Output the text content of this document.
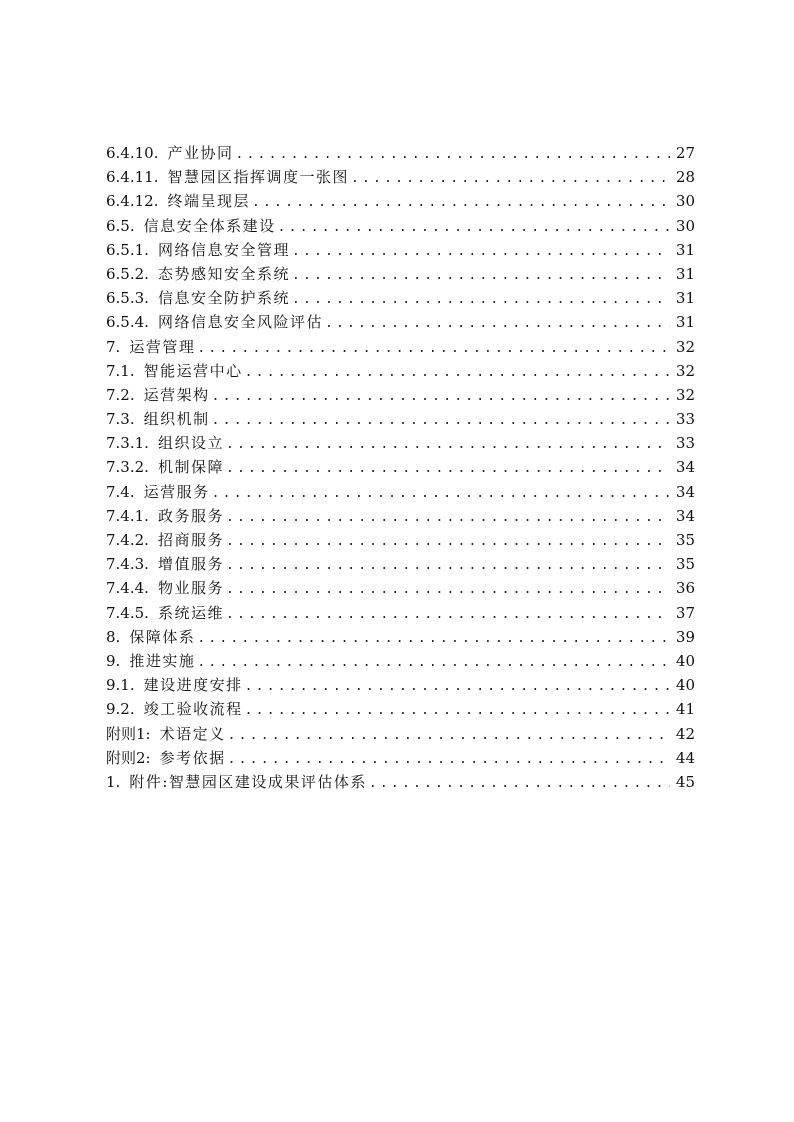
6.4.10. 产业协同 .....	27
6.4.11. 智慧园区指挥调度一张图 .....	28
6.4.12. 终端呈现层 .....	30
6.5. 信息安全体系建设 .....	30
6.5.1. 网络信息安全管理 .....	31
6.5.2. 态势感知安全系统 .....	31
6.5.3. 信息安全防护系统 .....	31
6.5.4. 网络信息安全风险评估 .....	31
7. 运营管理 .....	32
7.1. 智能运营中心 .....	32
7.2. 运营架构 .....	32
7.3. 组织机制 .....	33
7.3.1. 组织设立 .....	33
7.3.2. 机制保障 .....	34
7.4. 运营服务 .....	34
7.4.1. 政务服务 .....	34
7.4.2. 招商服务 .....	35
7.4.3. 增值服务 .....	35
7.4.4. 物业服务 .....	36
7.4.5. 系统运维 .....	37
8. 保障体系 .....	39
9. 推进实施 .....	40
9.1. 建设进度安排 .....	40
9.2. 竣工验收流程 .....	41
附则1: 术语定义 .....	42
附则2: 参考依据 .....	44
1. 附件:智慧园区建设成果评估体系 .....	45
